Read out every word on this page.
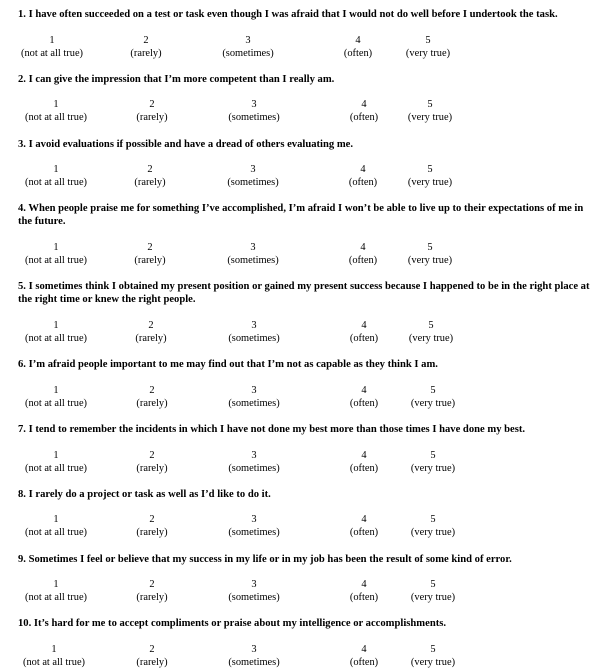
1. I have often succeeded on a test or task even though I was afraid that I would not do well before I undertook the task.
1
(not at all true)
2
(rarely)
3
(sometimes)
4
(often)
5
(very true)
2. I can give the impression that I’m more competent than I really am.
1
(not at all true)
2
(rarely)
3
(sometimes)
4
(often)
5
(very true)
3. I avoid evaluations if possible and have a dread of others evaluating me.
1
(not at all true)
2
(rarely)
3
(sometimes)
4
(often)
5
(very true)
4. When people praise me for something I’ve accomplished, I’m afraid I won’t be able to live up to their expectations of me in the future.
1
(not at all true)
2
(rarely)
3
(sometimes)
4
(often)
5
(very true)
5. I sometimes think I obtained my present position or gained my present success because I happened to be in the right place at the right time or knew the right people.
1
(not at all true)
2
(rarely)
3
(sometimes)
4
(often)
5
(very true)
6. I’m afraid people important to me may find out that I’m not as capable as they think I am.
1
(not at all true)
2
(rarely)
3
(sometimes)
4
(often)
5
(very true)
7. I tend to remember the incidents in which I have not done my best more than those times I have done my best.
1
(not at all true)
2
(rarely)
3
(sometimes)
4
(often)
5
(very true)
8. I rarely do a project or task as well as I’d like to do it.
1
(not at all true)
2
(rarely)
3
(sometimes)
4
(often)
5
(very true)
9. Sometimes I feel or believe that my success in my life or in my job has been the result of some kind of error.
1
(not at all true)
2
(rarely)
3
(sometimes)
4
(often)
5
(very true)
10. It’s hard for me to accept compliments or praise about my intelligence or accomplishments.
1
(not at all true)
2
(rarely)
3
(sometimes)
4
(often)
5
(very true)
